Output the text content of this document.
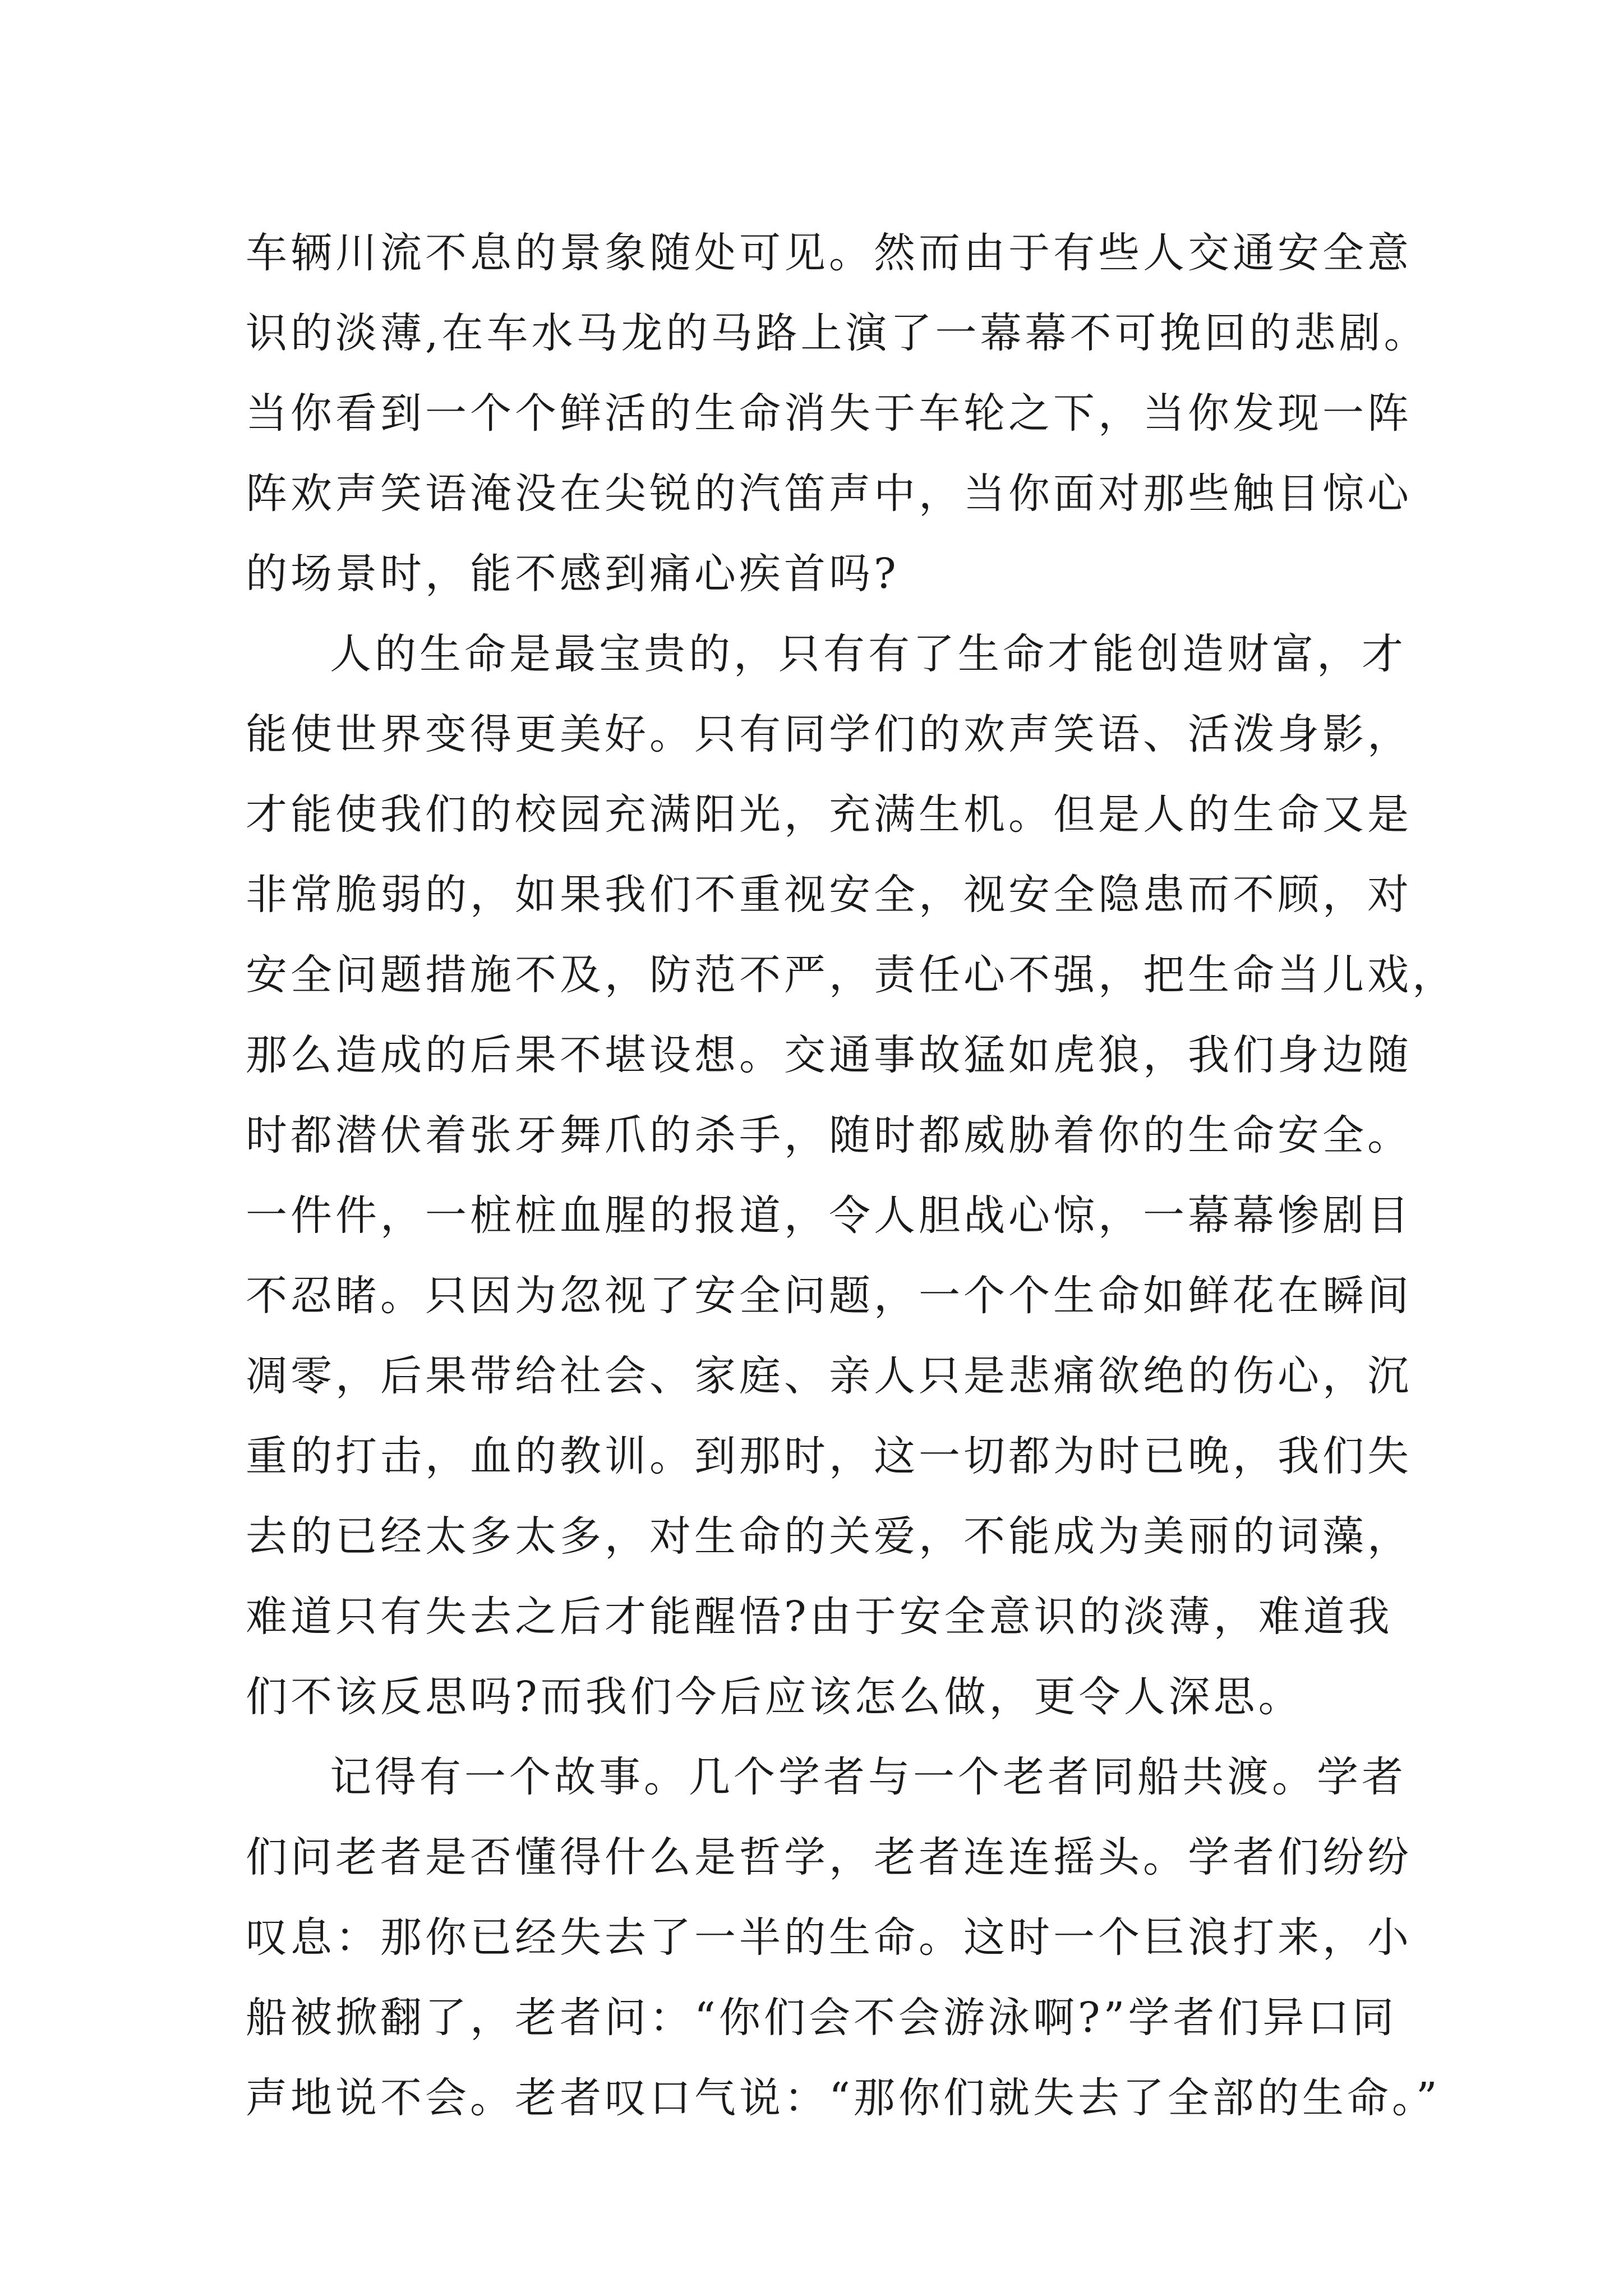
车辆川流不息的景象随处可见。然而由于有些人交通安全意
识的淡薄,在车水马龙的马路上演了一幕幕不可挽回的悲剧。
当你看到一个个鲜活的生命消失于车轮之下，当你发现一阵
阵欢声笑语淹没在尖锐的汽笛声中，当你面对那些触目惊心
的场景时，能不感到痛心疾首吗?
人的生命是最宝贵的，只有有了生命才能创造财富，才
能使世界变得更美好。只有同学们的欢声笑语、活泼身影，
才能使我们的校园充满阳光，充满生机。但是人的生命又是
非常脆弱的，如果我们不重视安全，视安全隐患而不顾，对
安全问题措施不及，防范不严，责任心不强，把生命当儿戏，
那么造成的后果不堪设想。交通事故猛如虎狼，我们身边随
时都潜伏着张牙舞爪的杀手，随时都威胁着你的生命安全。
一件件，一桩桩血腥的报道，令人胆战心惊，一幕幕惨剧目
不忍睹。只因为忽视了安全问题，一个个生命如鲜花在瞬间
凋零，后果带给社会、家庭、亲人只是悲痛欲绝的伤心，沉
重的打击，血的教训。到那时，这一切都为时已晚，我们失
去的已经太多太多，对生命的关爱，不能成为美丽的词藻，
难道只有失去之后才能醒悟?由于安全意识的淡薄，难道我
们不该反思吗?而我们今后应该怎么做，更令人深思。
记得有一个故事。几个学者与一个老者同船共渡。学者
们问老者是否懂得什么是哲学，老者连连摇头。学者们纷纷
叹息：那你已经失去了一半的生命。这时一个巨浪打来，小
船被掀翻了，老者问：“你们会不会游泳啊?”学者们异口同
声地说不会。老者叹口气说：“那你们就失去了全部的生命。”
